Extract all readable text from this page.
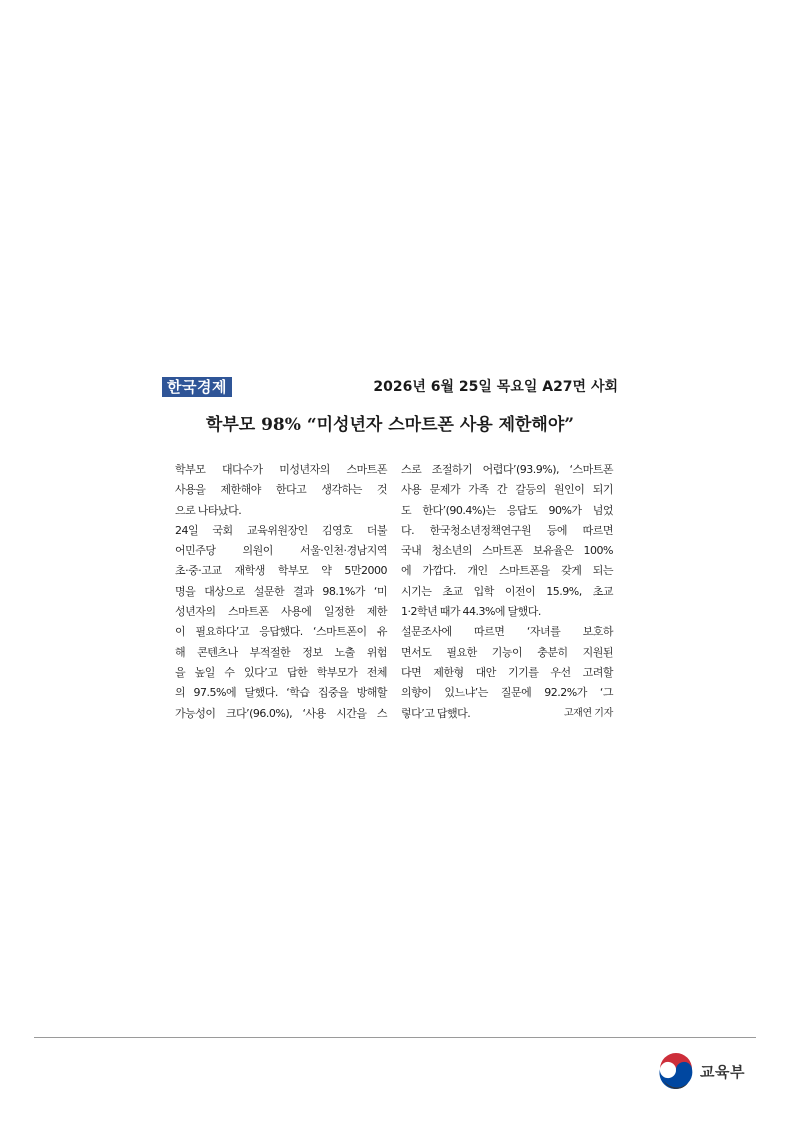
한국경제	2026년 6월 25일 목요일 A27면 사회
학부모 98% “미성년자 스마트폰 사용 제한해야”
학부모 대다수가 미성년자의 스마트폰
사용을 제한해야 한다고 생각하는 것
으로 나타났다.
24일 국회 교육위원장인 김영호 더불
어민주당 의원이 서울·인천·경남지역
초·중·고교 재학생 학부모 약 5만2000
명을 대상으로 설문한 결과 98.1%가 ‘미
성년자의 스마트폰 사용에 일정한 제한
이 필요하다’고 응답했다. ‘스마트폰이 유
해 콘텐츠나 부적절한 정보 노출 위험
을 높일 수 있다’고 답한 학부모가 전체
의 97.5%에 달했다. ‘학습 집중을 방해할
가능성이 크다’(96.0%), ‘사용 시간을 스
스로 조절하기 어렵다’(93.9%), ‘스마트폰
사용 문제가 가족 간 갈등의 원인이 되기
도 한다’(90.4%)는 응답도 90%가 넘었
다. 한국청소년정책연구원 등에 따르면
국내 청소년의 스마트폰 보유율은 100%
에 가깝다. 개인 스마트폰을 갖게 되는
시기는 초교 입학 이전이 15.9%, 초교
1·2학년 때가 44.3%에 달했다.
설문조사에 따르면 ‘자녀를 보호하
면서도 필요한 기능이 충분히 지원된
다면 제한형 대안 기기를 우선 고려할
의향이 있느냐’는 질문에 92.2%가 ‘그
렇다’고 답했다.	고재연 기자
교육부
